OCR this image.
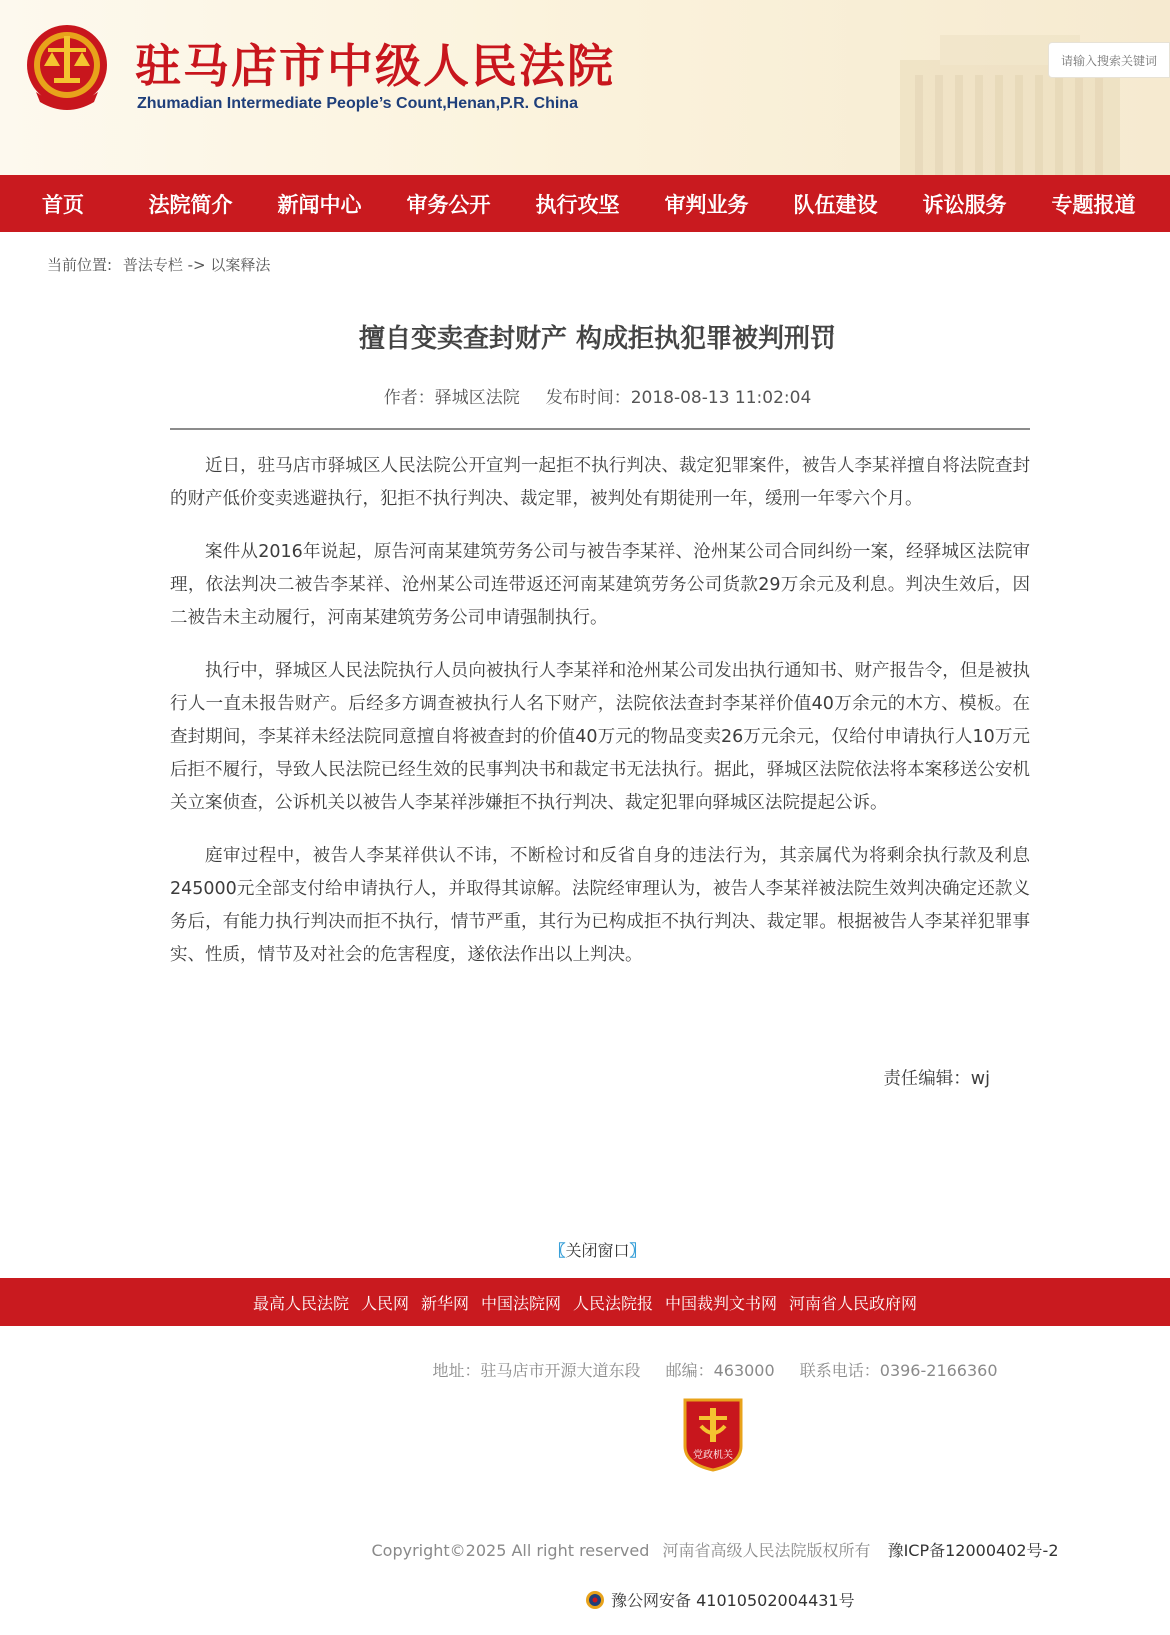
驻马店市中级人民法院
Zhumadian Intermediate People’s Count,Henan,P.R. China
请输入搜索关键词
首页	法院简介	新闻中心	审务公开	执行攻坚	审判业务	队伍建设	诉讼服务	专题报道
当前位置: 普法专栏 -> 以案释法
擅自变卖查封财产 构成拒执犯罪被判刑罚
作者：驿城区法院 发布时间：2018-08-13 11:02:04

近日，驻马店市驿城区人民法院公开宣判一起拒不执行判决、裁定犯罪案件，被告人李某祥擅自将法院查封的财产低价变卖逃避执行，犯拒不执行判决、裁定罪，被判处有期徒刑一年，缓刑一年零六个月。

案件从2016年说起，原告河南某建筑劳务公司与被告李某祥、沧州某公司合同纠纷一案，经驿城区法院审理，依法判决二被告李某祥、沧州某公司连带返还河南某建筑劳务公司货款29万余元及利息。判决生效后，因二被告未主动履行，河南某建筑劳务公司申请强制执行。

执行中，驿城区人民法院执行人员向被执行人李某祥和沧州某公司发出执行通知书、财产报告令，但是被执行人一直未报告财产。后经多方调查被执行人名下财产，法院依法查封李某祥价值40万余元的木方、模板。在查封期间，李某祥未经法院同意擅自将被查封的价值40万元的物品变卖26万元余元，仅给付申请执行人10万元后拒不履行，导致人民法院已经生效的民事判决书和裁定书无法执行。据此，驿城区法院依法将本案移送公安机关立案侦查，公诉机关以被告人李某祥涉嫌拒不执行判决、裁定犯罪向驿城区法院提起公诉。

庭审过程中，被告人李某祥供认不讳，不断检讨和反省自身的违法行为，其亲属代为将剩余执行款及利息245000元全部支付给申请执行人，并取得其谅解。法院经审理认为，被告人李某祥被法院生效判决确定还款义务后，有能力执行判决而拒不执行，情节严重，其行为已构成拒不执行判决、裁定罪。根据被告人李某祥犯罪事实、性质，情节及对社会的危害程度，遂依法作出以上判决。

责任编辑：wj
〖关闭窗口〗
最高人民法院 人民网 新华网 中国法院网 人民法院报 中国裁判文书网 河南省人民政府网
地址：驻马店市开源大道东段 邮编：463000 联系电话：0396-2166360
党政机关
Copyright©2025 All right reserved 河南省高级人民法院版权所有 豫ICP备12000402号-2
豫公网安备 41010502004431号
